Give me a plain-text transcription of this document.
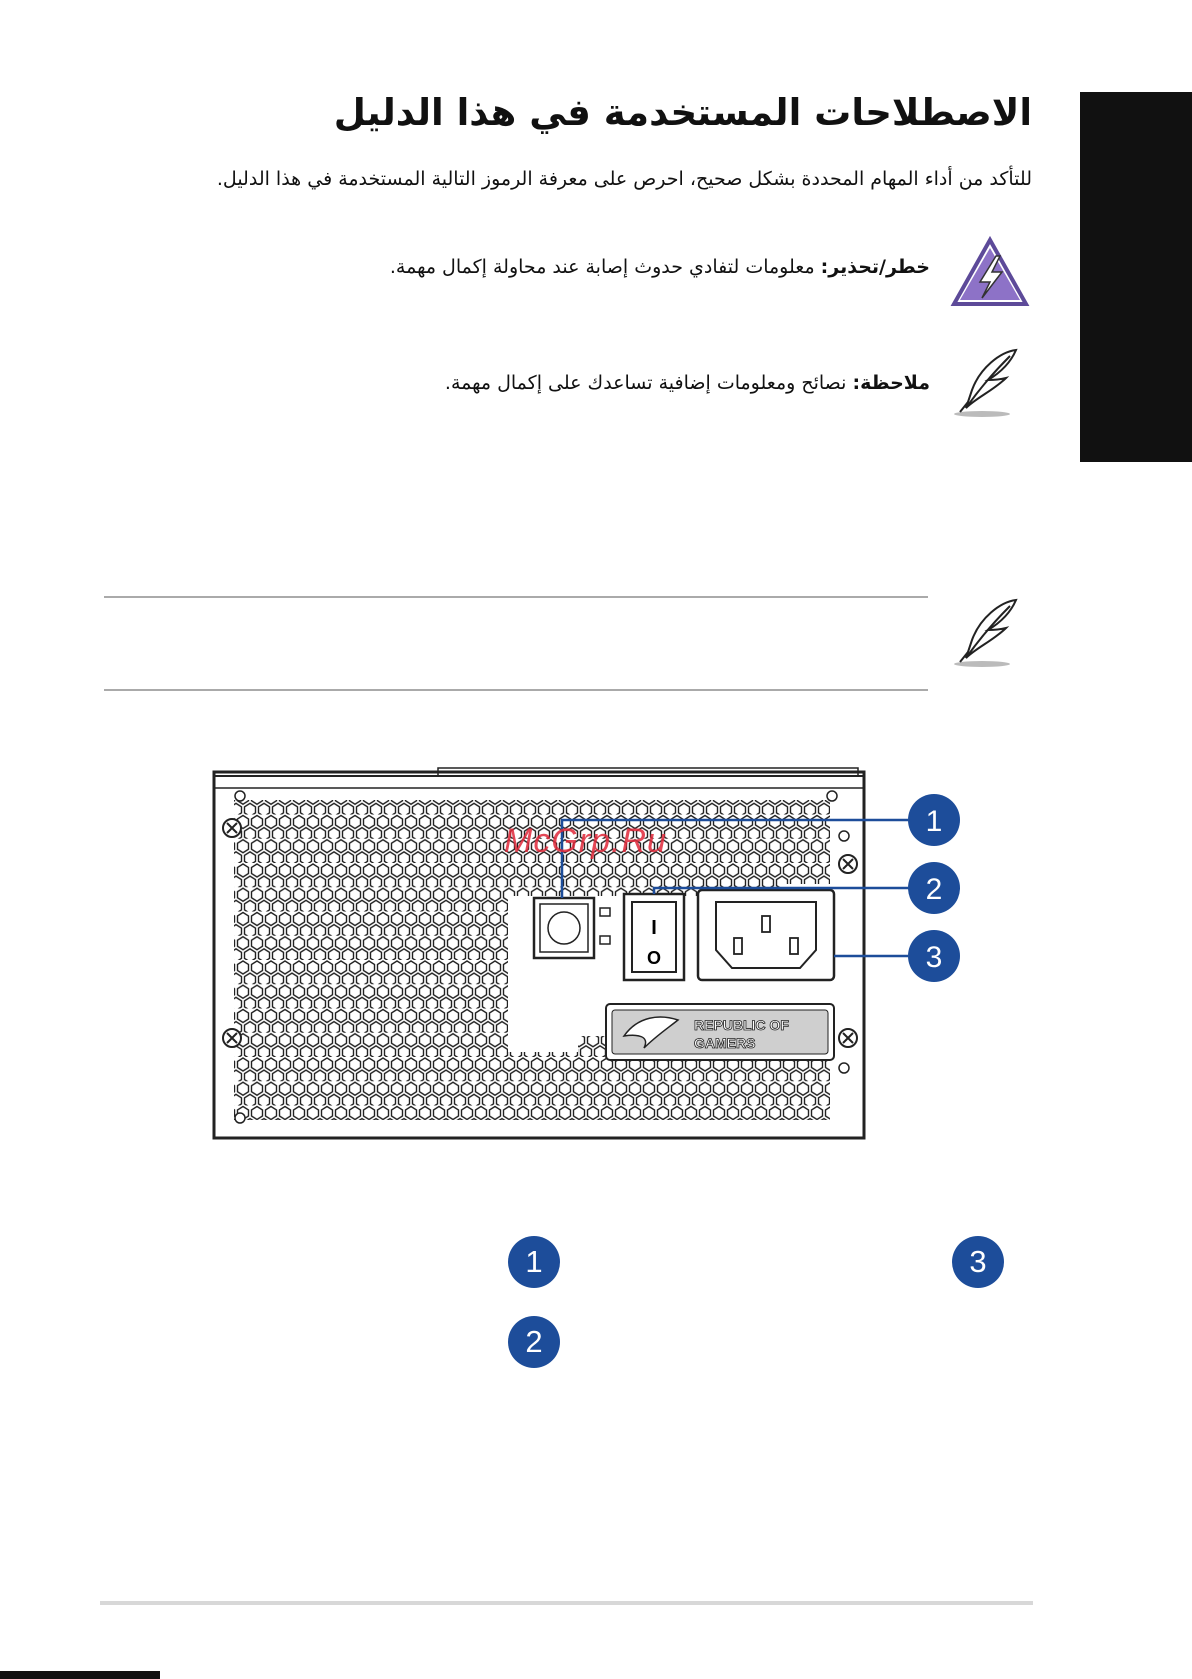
الاصطلاحات المستخدمة في هذا الدليل
للتأكد من أداء المهام المحددة بشكل صحيح، احرص على معرفة الرموز التالية المستخدمة في هذا الدليل.
خطر/تحذير: معلومات لتفادي حدوث إصابة عند محاولة إكمال مهمة.
ملاحظة: نصائح ومعلومات إضافية تساعدك على إكمال مهمة.
I
O
REPUBLIC OF
GAMERS
1
2
3
McGrp.Ru
1	3
2
